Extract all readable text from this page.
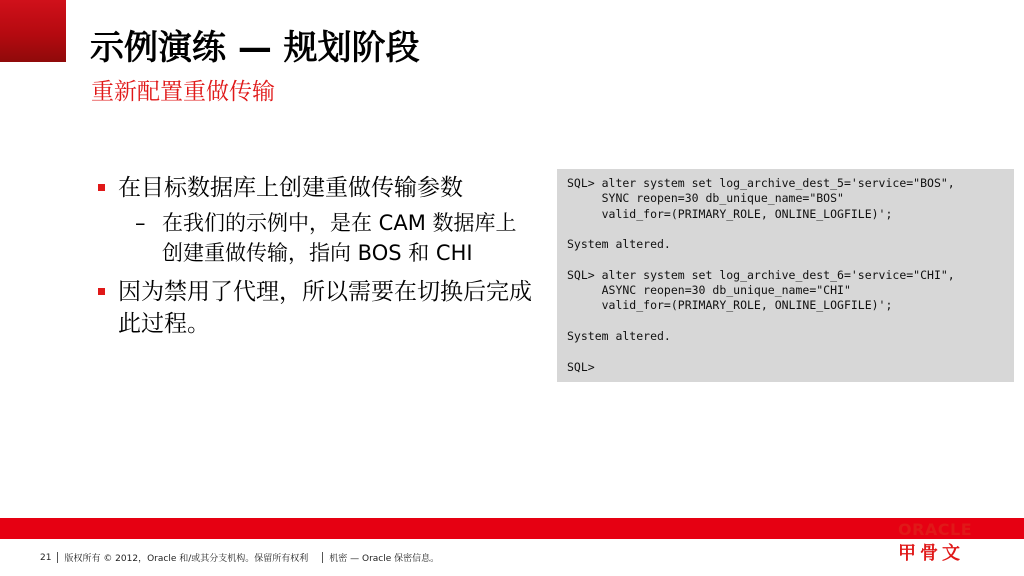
示例演练 — 规划阶段
重新配置重做传输
在目标数据库上创建重做传输参数
– 在我们的示例中，是在 CAM 数据库上创建重做传输，指向 BOS 和 CHI
因为禁用了代理，所以需要在切换后完成此过程。
SQL> alter system set log_archive_dest_5='service="BOS",
SYNC reopen=30 db_unique_name="BOS"
valid_for=(PRIMARY_ROLE, ONLINE_LOGFILE)';
System altered.
SQL> alter system set log_archive_dest_6='service="CHI",
ASYNC reopen=30 db_unique_name="CHI"
valid_for=(PRIMARY_ROLE, ONLINE_LOGFILE)';
System altered.
SQL>
21 版权所有 © 2012，Oracle 和/或其分支机构。保留所有权利 机密 — Oracle 保密信息。
ORACLE
甲骨文
